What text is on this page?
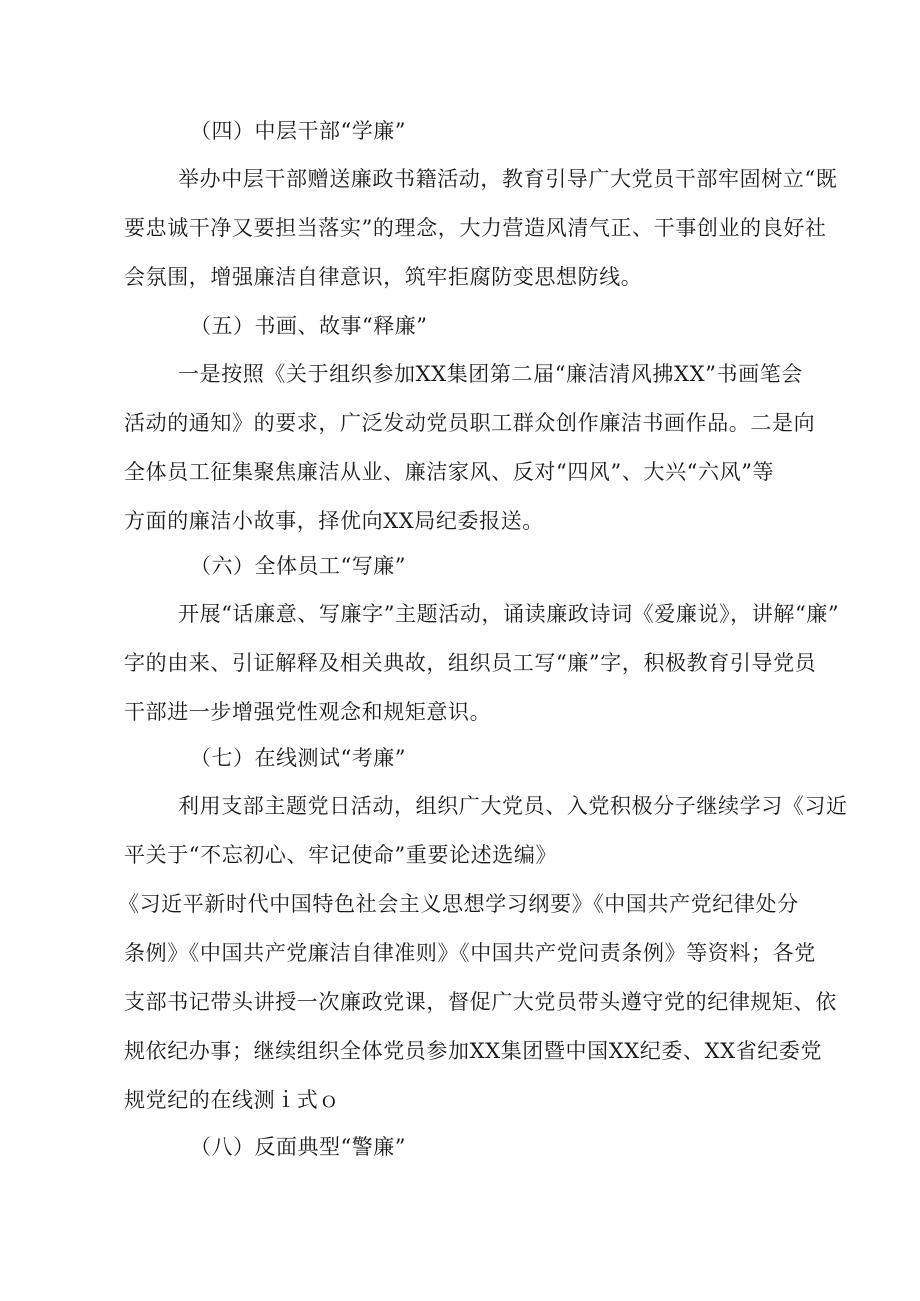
（四）中层干部“学廉”
举办中层干部赠送廉政书籍活动，教育引导广大党员干部牢固树立“既
要忠诚干净又要担当落实”的理念，大力营造风清气正、干事创业的良好社
会氛围，增强廉洁自律意识，筑牢拒腐防变思想防线。
（五）书画、故事“释廉”
一是按照《关于组织参加XX集团第二届“廉洁清风拂XX”书画笔会
活动的通知》的要求，广泛发动党员职工群众创作廉洁书画作品。二是向
全体员工征集聚焦廉洁从业、廉洁家风、反对“四风”、大兴“六风”等
方面的廉洁小故事，择优向XX局纪委报送。
（六）全体员工“写廉”
开展“话廉意、写廉字”主题活动，诵读廉政诗词《爱廉说》，讲解“廉”
字的由来、引证解释及相关典故，组织员工写“廉”字，积极教育引导党员
干部进一步增强党性观念和规矩意识。
（七）在线测试“考廉”
利用支部主题党日活动，组织广大党员、入党积极分子继续学习《习近
平关于“不忘初心、牢记使命”重要论述选编》
《习近平新时代中国特色社会主义思想学习纲要》《中国共产党纪律处分
条例》《中国共产党廉洁自律准则》《中国共产党问责条例》等资料；各党
支部书记带头讲授一次廉政党课，督促广大党员带头遵守党的纪律规矩、依
规依纪办事；继续组织全体党员参加XX集团暨中国XX纪委、XX省纪委党
规党纪的在线测ｉ式ｏ
（八）反面典型“警廉”
